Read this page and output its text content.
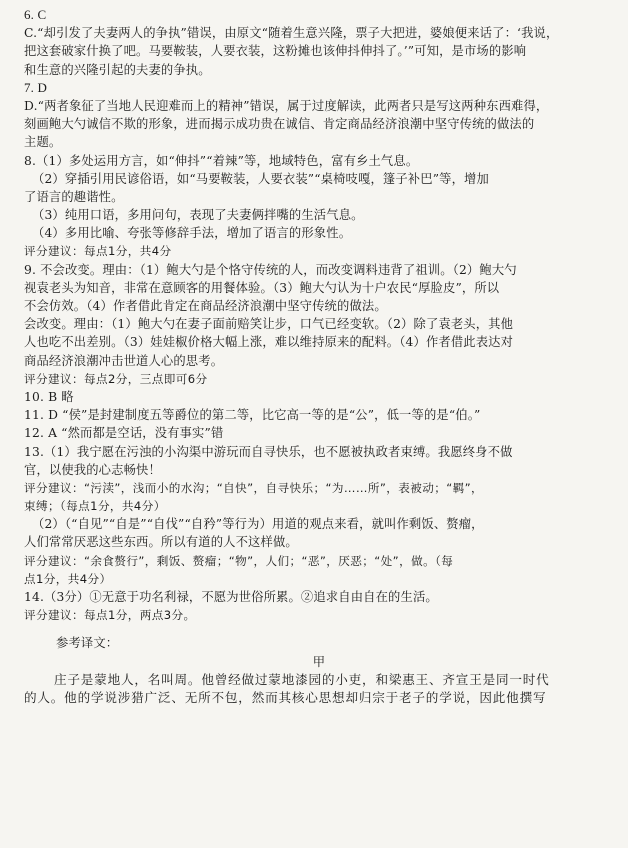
6. C
C.“却引发了夫妻两人的争执”错误，由原文“随着生意兴隆，票子大把进，婆娘便来话了：‘我说，
把这套破家什换了吧。马要鞍装，人要衣装，这粉摊也该伸抖伸抖了。’”可知，是市场的影响
和生意的兴隆引起的夫妻的争执。
7. D
D.“两者象征了当地人民迎难而上的精神”错误，属于过度解读，此两者只是写这两种东西难得，
刻画鲍大勺诚信不欺的形象，进而揭示成功贵在诚信、肯定商品经济浪潮中坚守传统的做法的
主题。
8.（1）多处运用方言，如“伸抖”“着辣”等，地域特色，富有乡土气息。
（2）穿插引用民谚俗语，如“马要鞍装，人要衣装”“桌椅吱嘎，篷子补巴”等，增加
了语言的趣谐性。
（3）纯用口语，多用问句，表现了夫妻俩拌嘴的生活气息。
（4）多用比喻、夸张等修辞手法，增加了语言的形象性。
评分建议：每点1分，共4分
9. 不会改变。理由：（1）鲍大勺是个恪守传统的人，而改变调料违背了祖训。（2）鲍大勺
视袁老头为知音，非常在意顾客的用餐体验。（3）鲍大勺认为十户农民“厚脸皮”，所以
不会仿效。（4）作者借此肯定在商品经济浪潮中坚守传统的做法。
会改变。理由：（1）鲍大勺在妻子面前赔笑让步，口气已经变软。（2）除了袁老头，其他
人也吃不出差别。（3）娃娃椒价格大幅上涨，难以维持原来的配料。（4）作者借此表达对
商品经济浪潮冲击世道人心的思考。
评分建议：每点2分，三点即可6分
10. B 略
11. D “侯”是封建制度五等爵位的第二等，比它高一等的是“公”，低一等的是“伯。”
12. A “然而都是空话，没有事实”错
13.（1）我宁愿在污浊的小沟渠中游玩而自寻快乐，也不愿被执政者束缚。我愿终身不做
官，以使我的心志畅快！
评分建议：“污渎”，浅而小的水沟；“自快”，自寻快乐；“为……所”，表被动；“羁”，
束缚；（每点1分，共4分）
（2）（“自见”“自是”“自伐”“自矜”等行为）用道的观点来看，就叫作剩饭、赘瘤，
人们常常厌恶这些东西。所以有道的人不这样做。
评分建议：“余食赘行”，剩饭、赘瘤；“物”，人们；“恶”，厌恶；“处”，做。（每
点1分，共4分）
14.（3分）①无意于功名利禄，不愿为世俗所累。②追求自由自在的生活。
评分建议：每点1分，两点3分。
参考译文：
甲
庄子是蒙地人，名叫周。他曾经做过蒙地漆园的小吏，和梁惠王、齐宣王是同一时代
的人。他的学说涉猎广泛、无所不包，然而其核心思想却归宗于老子的学说，因此他撰写
